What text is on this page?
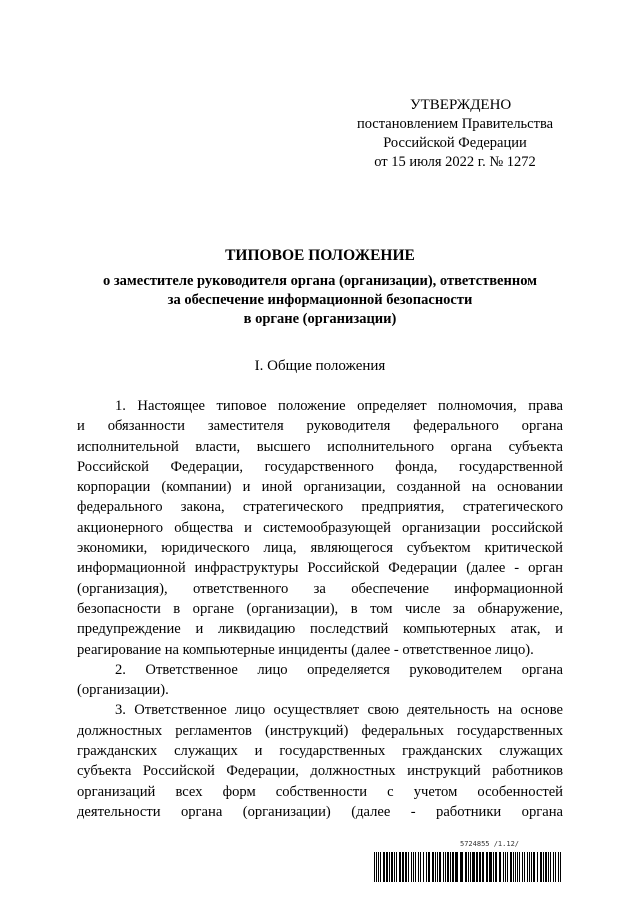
УТВЕРЖДЕНО
постановлением Правительства
Российской Федерации
от 15 июля 2022 г. № 1272
ТИПОВОЕ ПОЛОЖЕНИЕ
о заместителе руководителя органа (организации), ответственном
за обеспечение информационной безопасности
в органе (организации)
I. Общие положения
1. Настоящее типовое положение определяет полномочия, права
и обязанности заместителя руководителя федерального органа
исполнительной власти, высшего исполнительного органа субъекта
Российской Федерации, государственного фонда, государственной
корпорации (компании) и иной организации, созданной на основании
федерального закона, стратегического предприятия, стратегического
акционерного общества и системообразующей организации российской
экономики, юридического лица, являющегося субъектом критической
информационной инфраструктуры Российской Федерации (далее - орган
(организация), ответственного за обеспечение информационной
безопасности в органе (организации), в том числе за обнаружение,
предупреждение и ликвидацию последствий компьютерных атак, и
реагирование на компьютерные инциденты (далее - ответственное лицо).
2. Ответственное лицо определяется руководителем органа
(организации).
3. Ответственное лицо осуществляет свою деятельность на основе
должностных регламентов (инструкций) федеральных государственных
гражданских служащих и государственных гражданских служащих
субъекта Российской Федерации, должностных инструкций работников
организаций всех форм собственности с учетом особенностей
деятельности органа (организации) (далее - работники органа
5724855 /1.12/
